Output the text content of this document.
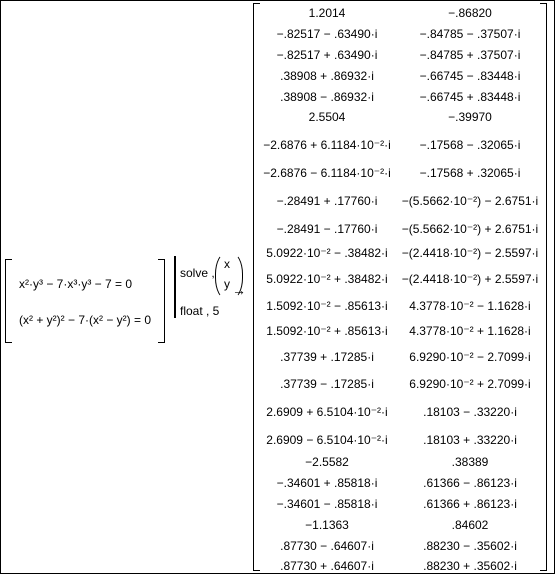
x²·y³ − 7·x³·y³ − 7 = 0
(x² + y²)² − 7·(x² − y²) = 0
solve ,
x
y
float , 5
→
1.2014	−.86820
−.82517 − .63490·i	−.84785 − .37507·i
−.82517 + .63490·i	−.84785 + .37507·i
.38908 + .86932·i	−.66745 − .83448·i
.38908 − .86932·i	−.66745 + .83448·i
2.5504	−.39970
−2.6876 + 6.1184·10⁻²·i	−.17568 − .32065·i
−2.6876 − 6.1184·10⁻²·i	−.17568 + .32065·i
−.28491 + .17760·i	−(5.5662·10⁻²) − 2.6751·i
−.28491 − .17760·i	−(5.5662·10⁻²) + 2.6751·i
5.0922·10⁻² − .38482·i	−(2.4418·10⁻²) − 2.5597·i
5.0922·10⁻² + .38482·i	−(2.4418·10⁻²) + 2.5597·i
1.5092·10⁻² − .85613·i	4.3778·10⁻² − 1.1628·i
1.5092·10⁻² + .85613·i	4.3778·10⁻² + 1.1628·i
.37739 + .17285·i	6.9290·10⁻² − 2.7099·i
.37739 − .17285·i	6.9290·10⁻² + 2.7099·i
2.6909 + 6.5104·10⁻²·i	.18103 − .33220·i
2.6909 − 6.5104·10⁻²·i	.18103 + .33220·i
−2.5582	.38389
−.34601 + .85818·i	.61366 − .86123·i
−.34601 − .85818·i	.61366 + .86123·i
−1.1363	.84602
.87730 − .64607·i	.88230 − .35602·i
.87730 + .64607·i	.88230 + .35602·i
